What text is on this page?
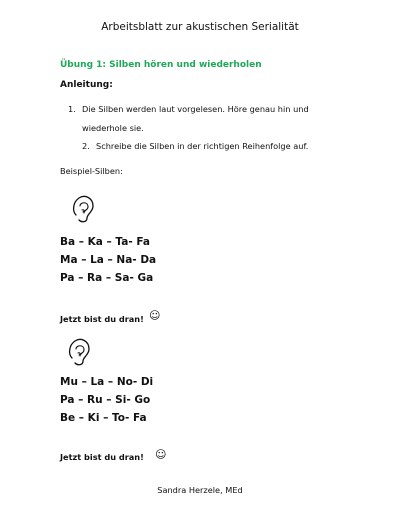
Arbeitsblatt zur akustischen Serialität
Übung 1: Silben hören und wiederholen
Anleitung:
1. Die Silben werden laut vorgelesen. Höre genau hin und
wiederhole sie.
2. Schreibe die Silben in der richtigen Reihenfolge auf.
Beispiel-Silben:
Ba – Ka – Ta- Fa
Ma – La – Na- Da
Pa – Ra – Sa- Ga
Jetzt bist du dran! ☺
Mu – La – No- Di
Pa – Ru – Si- Go
Be – Ki – To- Fa
Jetzt bist du dran! ☺
Sandra Herzele, MEd
